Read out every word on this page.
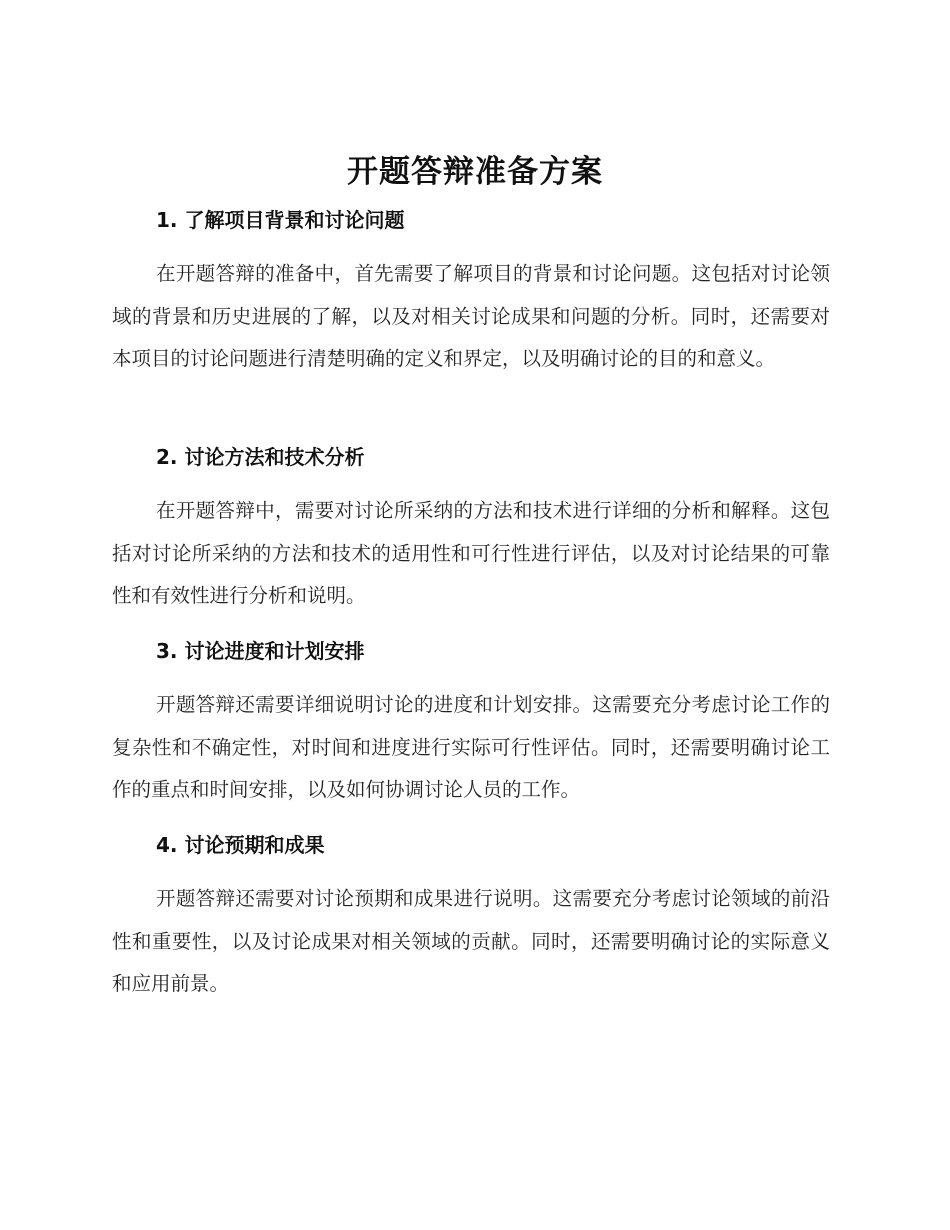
开题答辩准备方案
1. 了解项目背景和讨论问题

在开题答辩的准备中，首先需要了解项目的背景和讨论问题。这包括对讨论领域的背景和历史进展的了解，以及对相关讨论成果和问题的分析。同时，还需要对本项目的讨论问题进行清楚明确的定义和界定，以及明确讨论的目的和意义。

2. 讨论方法和技术分析

在开题答辩中，需要对讨论所采纳的方法和技术进行详细的分析和解释。这包括对讨论所采纳的方法和技术的适用性和可行性进行评估，以及对讨论结果的可靠性和有效性进行分析和说明。

3. 讨论进度和计划安排

开题答辩还需要详细说明讨论的进度和计划安排。这需要充分考虑讨论工作的复杂性和不确定性，对时间和进度进行实际可行性评估。同时，还需要明确讨论工作的重点和时间安排，以及如何协调讨论人员的工作。

4. 讨论预期和成果

开题答辩还需要对讨论预期和成果进行说明。这需要充分考虑讨论领域的前沿性和重要性，以及讨论成果对相关领域的贡献。同时，还需要明确讨论的实际意义和应用前景。
